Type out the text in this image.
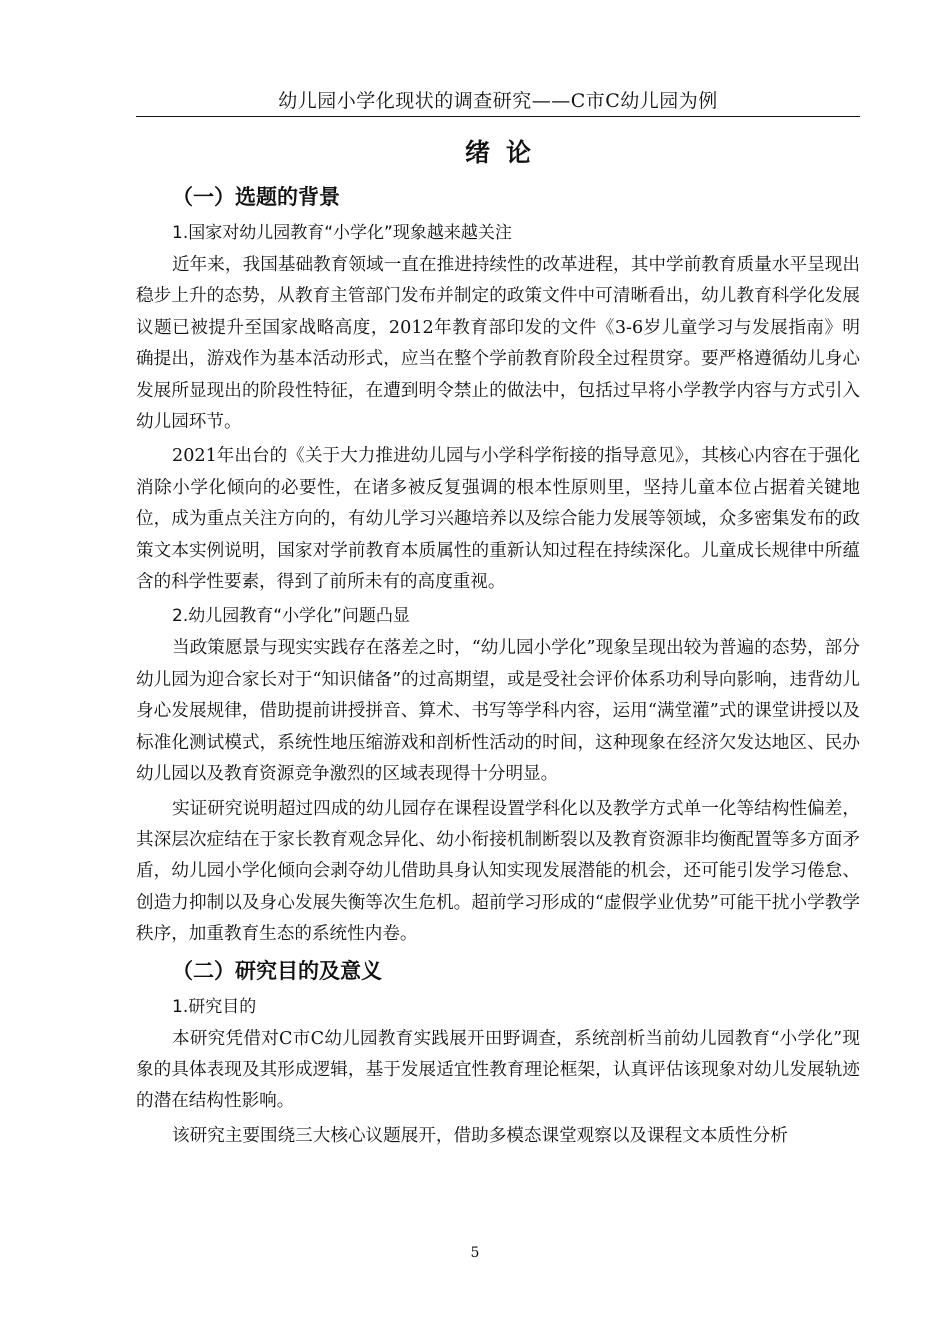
幼儿园小学化现状的调查研究——C市C幼儿园为例
绪论
（一）选题的背景
1.国家对幼儿园教育“小学化”现象越来越关注

近年来，我国基础教育领域一直在推进持续性的改革进程，其中学前教育质量水平呈现出稳步上升的态势，从教育主管部门发布并制定的政策文件中可清晰看出，幼儿教育科学化发展议题已被提升至国家战略高度，2012年教育部印发的文件《3-6岁儿童学习与发展指南》明确提出，游戏作为基本活动形式，应当在整个学前教育阶段全过程贯穿。要严格遵循幼儿身心发展所显现出的阶段性特征，在遭到明令禁止的做法中，包括过早将小学教学内容与方式引入幼儿园环节。

2021年出台的《关于大力推进幼儿园与小学科学衔接的指导意见》，其核心内容在于强化消除小学化倾向的必要性，在诸多被反复强调的根本性原则里，坚持儿童本位占据着关键地位，成为重点关注方向的，有幼儿学习兴趣培养以及综合能力发展等领域，众多密集发布的政策文本实例说明，国家对学前教育本质属性的重新认知过程在持续深化。儿童成长规律中所蕴含的科学性要素，得到了前所未有的高度重视。

2.幼儿园教育“小学化”问题凸显

当政策愿景与现实实践存在落差之时，“幼儿园小学化”现象呈现出较为普遍的态势，部分幼儿园为迎合家长对于“知识储备”的过高期望，或是受社会评价体系功利导向影响，违背幼儿身心发展规律，借助提前讲授拼音、算术、书写等学科内容，运用“满堂灌”式的课堂讲授以及标准化测试模式，系统性地压缩游戏和剖析性活动的时间，这种现象在经济欠发达地区、民办幼儿园以及教育资源竞争激烈的区域表现得十分明显。

实证研究说明超过四成的幼儿园存在课程设置学科化以及教学方式单一化等结构性偏差，其深层次症结在于家长教育观念异化、幼小衔接机制断裂以及教育资源非均衡配置等多方面矛盾，幼儿园小学化倾向会剥夺幼儿借助具身认知实现发展潜能的机会，还可能引发学习倦怠、创造力抑制以及身心发展失衡等次生危机。超前学习形成的“虚假学业优势”可能干扰小学教学秩序，加重教育生态的系统性内卷。

（二）研究目的及意义
1.研究目的

本研究凭借对C市C幼儿园教育实践展开田野调查，系统剖析当前幼儿园教育“小学化”现象的具体表现及其形成逻辑，基于发展适宜性教育理论框架，认真评估该现象对幼儿发展轨迹的潜在结构性影响。

该研究主要围绕三大核心议题展开，借助多模态课堂观察以及课程文本质性分析

5
